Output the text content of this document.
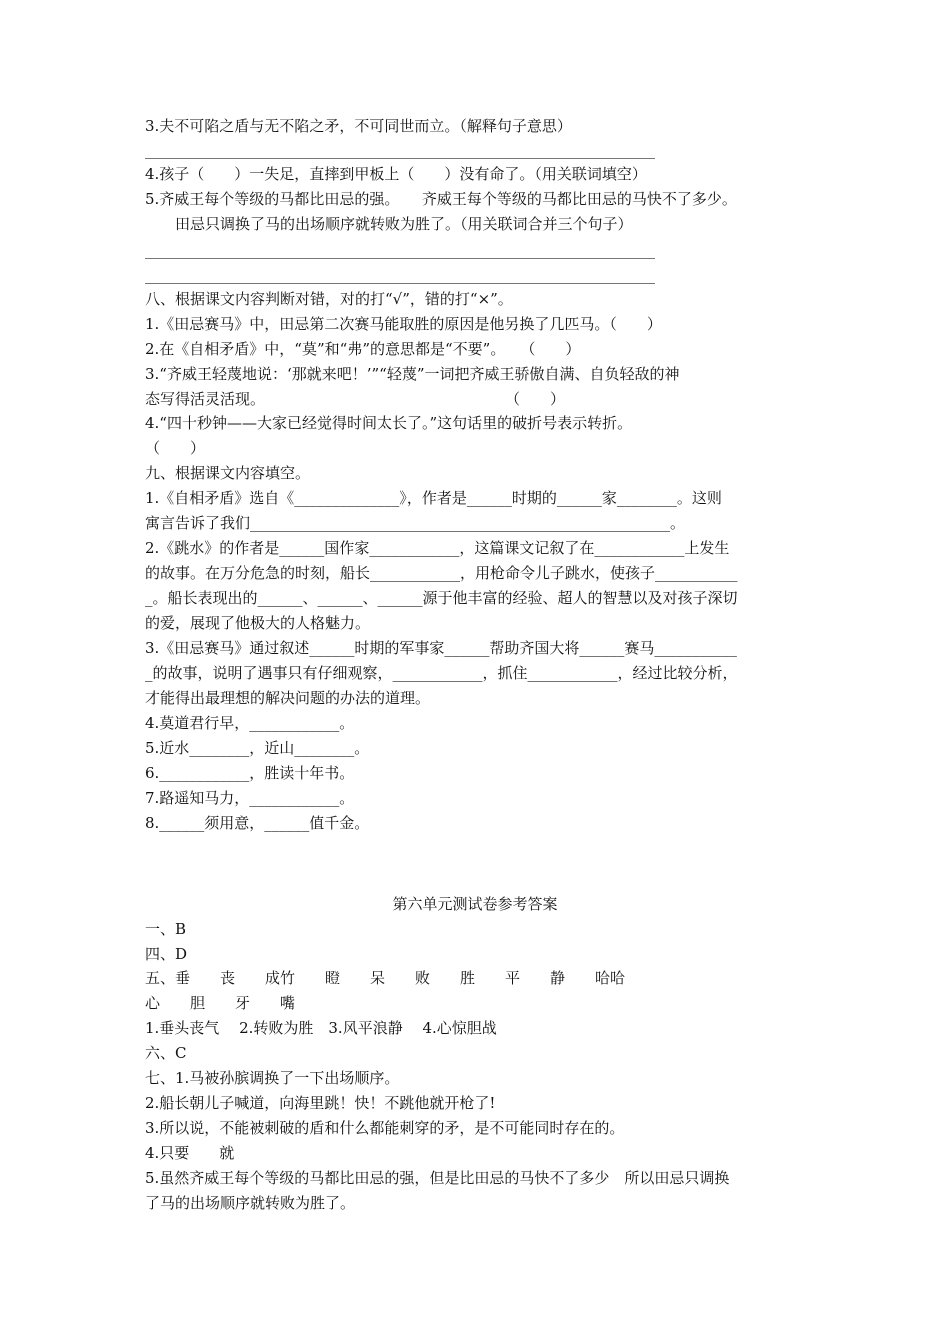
3.夫不可陷之盾与无不陷之矛，不可同世而立。（解释句子意思）
4.孩子（　　）一失足，直摔到甲板上（　　）没有命了。（用关联词填空）
5.齐威王每个等级的马都比田忌的强。　　齐威王每个等级的马都比田忌的马快不了多少。
　　田忌只调换了马的出场顺序就转败为胜了。（用关联词合并三个句子）
八、根据课文内容判断对错，对的打“√”，错的打“×”。
1.《田忌赛马》中，田忌第二次赛马能取胜的原因是他另换了几匹马。（　　）
2.在《自相矛盾》中，“莫”和“弗”的意思都是“不要”。　　（　　）
3.“齐威王轻蔑地说：‘那就来吧！’”“轻蔑”一词把齐威王骄傲自满、自负轻敌的神
态写得活灵活现。　　　　　　　　　　　　　　　　　（　　）
4.“四十秒钟——大家已经觉得时间太长了。”这句话里的破折号表示转折。
（　　）
九、根据课文内容填空。
1.《自相矛盾》选自《______________》，作者是______时期的______家________。这则
寓言告诉了我们________________________________________________________。
2.《跳水》的作者是______国作家____________，这篇课文记叙了在____________上发生
的故事。在万分危急的时刻，船长____________，用枪命令儿子跳水，使孩子___________
_。船长表现出的______、______、______源于他丰富的经验、超人的智慧以及对孩子深切
的爱，展现了他极大的人格魅力。
3.《田忌赛马》通过叙述______时期的军事家______帮助齐国大将______赛马___________
_的故事，说明了遇事只有仔细观察，____________，抓住____________，经过比较分析，
才能得出最理想的解决问题的办法的道理。
4.莫道君行早，____________。
5.近水________，近山________。
6.____________，胜读十年书。
7.路遥知马力，____________。
8.______须用意，______值千金。
第六单元测试卷参考答案
一、B
四、D
五、垂　　丧　　成竹　　瞪　　呆　　败　　胜　　平　　静　　哈哈
心　　胆　　牙　　嘴
1.垂头丧气　 2.转败为胜　3.风平浪静　 4.心惊胆战
六、C
七、1.马被孙膑调换了一下出场顺序。
2.船长朝儿子喊道，向海里跳！快！不跳他就开枪了!
3.所以说，不能被刺破的盾和什么都能刺穿的矛，是不可能同时存在的。
4.只要　　就
5.虽然齐威王每个等级的马都比田忌的强，但是比田忌的马快不了多少　所以田忌只调换
了马的出场顺序就转败为胜了。
